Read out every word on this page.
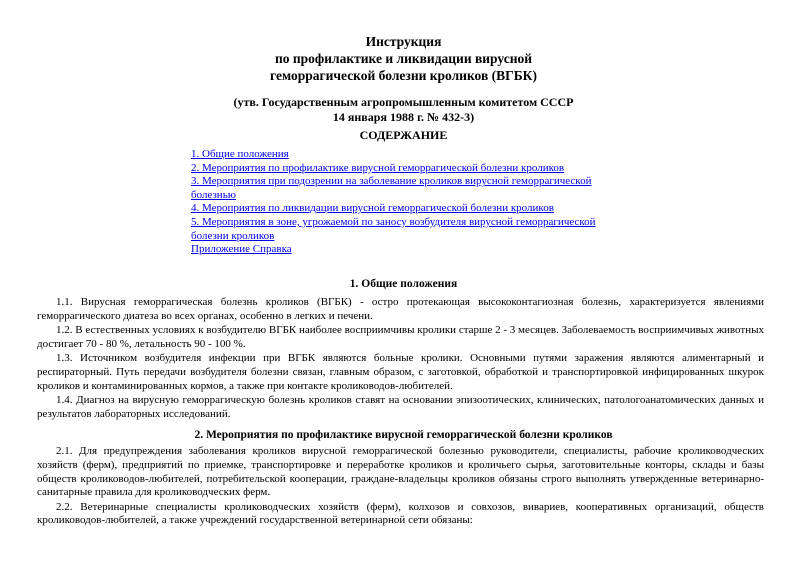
Инструкция
по профилактике и ликвидации вирусной
геморрагической болезни кроликов (ВГБК)
(утв. Государственным агропромышленным комитетом СССР
14 января 1988 г. № 432-3)
СОДЕРЖАНИЕ
1. Общие положения
2. Мероприятия по профилактике вирусной геморрагической болезни кроликов
3. Мероприятия при подозрении на заболевание кроликов вирусной геморрагической болезнью
4. Мероприятия по ликвидации вирусной геморрагической болезни кроликов
5. Мероприятия в зоне, угрожаемой по заносу возбудителя вирусной геморрагической болезни кроликов
Приложение Справка
1. Общие положения

1.1. Вирусная геморрагическая болезнь кроликов (ВГБК) - остро протекающая высококонтагиозная болезнь, характеризуется явлениями геморрагического диатеза во всех органах, особенно в легких и печени.

1.2. В естественных условиях к возбудителю ВГБК наиболее восприимчивы кролики старше 2 - 3 месяцев. Заболеваемость восприимчивых животных достигает 70 - 80 %, летальность 90 - 100 %.

1.3. Источником возбудителя инфекции при ВГБК являются больные кролики. Основными путями заражения являются алиментарный и респираторный. Путь передачи возбудителя болезни связан, главным образом, с заготовкой, обработкой и транспортировкой инфицированных шкурок кроликов и контаминированных кормов, а также при контакте кролиководов-любителей.

1.4. Диагноз на вирусную геморрагическую болезнь кроликов ставят на основании эпизоотических, клинических, патологоанатомических данных и результатов лабораторных исследований.

2. Мероприятия по профилактике вирусной геморрагической болезни кроликов

2.1. Для предупреждения заболевания кроликов вирусной геморрагической болезнью руководители, специалисты, рабочие кролиководческих хозяйств (ферм), предприятий по приемке, транспортировке и переработке кроликов и кроличьего сырья, заготовительные конторы, склады и базы обществ кролиководов-любителей, потребительской кооперации, граждане-владельцы кроликов обязаны строго выполнять утвержденные ветеринарно-санитарные правила для кролиководческих ферм.

2.2. Ветеринарные специалисты кролиководческих хозяйств (ферм), колхозов и совхозов, вивариев, кооперативных организаций, обществ кролиководов-любителей, а также учреждений государственной ветеринарной сети обязаны:
